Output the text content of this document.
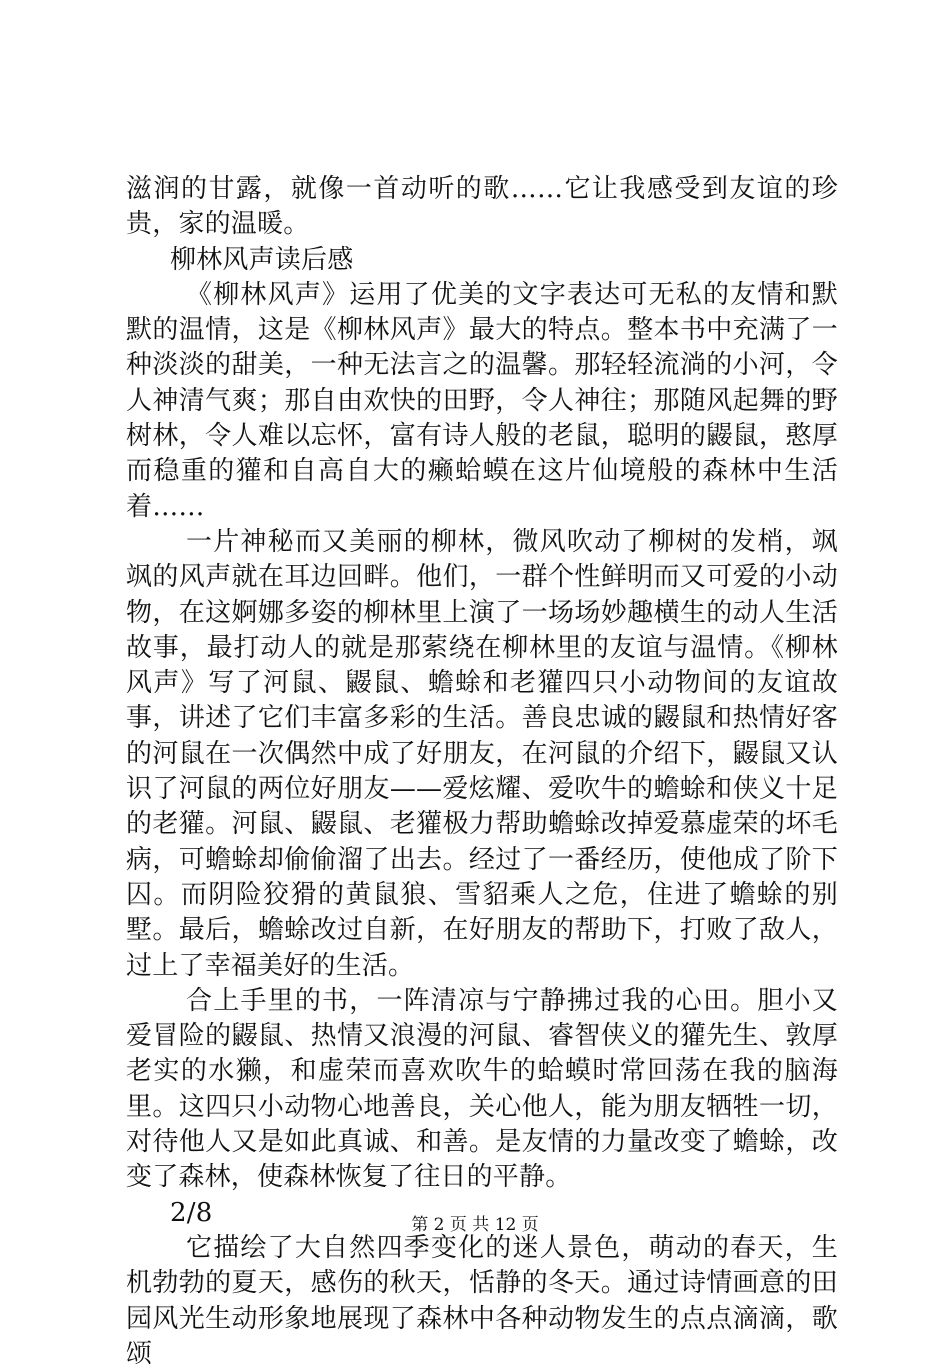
滋润的甘露，就像一首动听的歌……它让我感受到友谊的珍贵，家的温暖。

柳林风声读后感

《柳林风声》运用了优美的文字表达可无私的友情和默默的温情，这是《柳林风声》最大的特点。整本书中充满了一种淡淡的甜美，一种无法言之的温馨。那轻轻流淌的小河，令人神清气爽；那自由欢快的田野，令人神往；那随风起舞的野树林，令人难以忘怀，富有诗人般的老鼠，聪明的鼹鼠，憨厚而稳重的獾和自高自大的癞蛤蟆在这片仙境般的森林中生活着……

一片神秘而又美丽的柳林，微风吹动了柳树的发梢，飒飒的风声就在耳边回畔。他们，一群个性鲜明而又可爱的小动物，在这婀娜多姿的柳林里上演了一场场妙趣横生的动人生活故事，最打动人的就是那萦绕在柳林里的友谊与温情。《柳林风声》写了河鼠、鼹鼠、蟾蜍和老獾四只小动物间的友谊故事，讲述了它们丰富多彩的生活。善良忠诚的鼹鼠和热情好客的河鼠在一次偶然中成了好朋友，在河鼠的介绍下，鼹鼠又认识了河鼠的两位好朋友——爱炫耀、爱吹牛的蟾蜍和侠义十足的老獾。河鼠、鼹鼠、老獾极力帮助蟾蜍改掉爱慕虚荣的坏毛病，可蟾蜍却偷偷溜了出去。经过了一番经历，使他成了阶下囚。而阴险狡猾的黄鼠狼、雪貂乘人之危，住进了蟾蜍的别墅。最后，蟾蜍改过自新，在好朋友的帮助下，打败了敌人，过上了幸福美好的生活。

合上手里的书，一阵清凉与宁静拂过我的心田。胆小又爱冒险的鼹鼠、热情又浪漫的河鼠、睿智侠义的獾先生、敦厚老实的水獭，和虚荣而喜欢吹牛的蛤蟆时常回荡在我的脑海里。这四只小动物心地善良，关心他人，能为朋友牺牲一切，对待他人又是如此真诚、和善。是友情的力量改变了蟾蜍，改变了森林，使森林恢复了往日的平静。

2/8

它描绘了大自然四季变化的迷人景色，萌动的春天，生机勃勃的夏天，感伤的秋天，恬静的冬天。通过诗情画意的田园风光生动形象地展现了森林中各种动物发生的点点滴滴，歌颂

第 2 页 共 12 页
